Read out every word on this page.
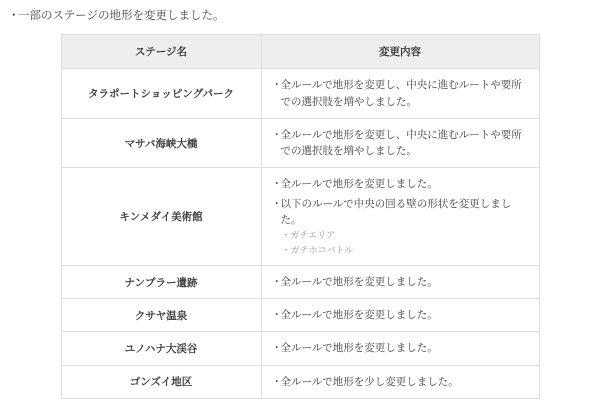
・
一部のステージの地形を変更しました。
ステージ名	変更内容
タラポートショッピングパーク	・
全ルールで地形を変更し、中央に進むルートや要所での選択肢を増やしました。

マサバ海峡大橋	・
全ルールで地形を変更し、中央に進むルートや要所での選択肢を増やしました。

キンメダイ美術館	
・
全ルールで地形を変更しました。
・
以下のルールで中央の回る壁の形状を変更しました。
・ ガチエリア
・ ガチホコバトル

ナンプラー遺跡	・
全ルールで地形を変更しました。

クサヤ温泉	・
全ルールで地形を変更しました。

ユノハナ大渓谷	・
全ルールで地形を変更しました。

ゴンズイ地区	・
全ルールで地形を少し変更しました。
